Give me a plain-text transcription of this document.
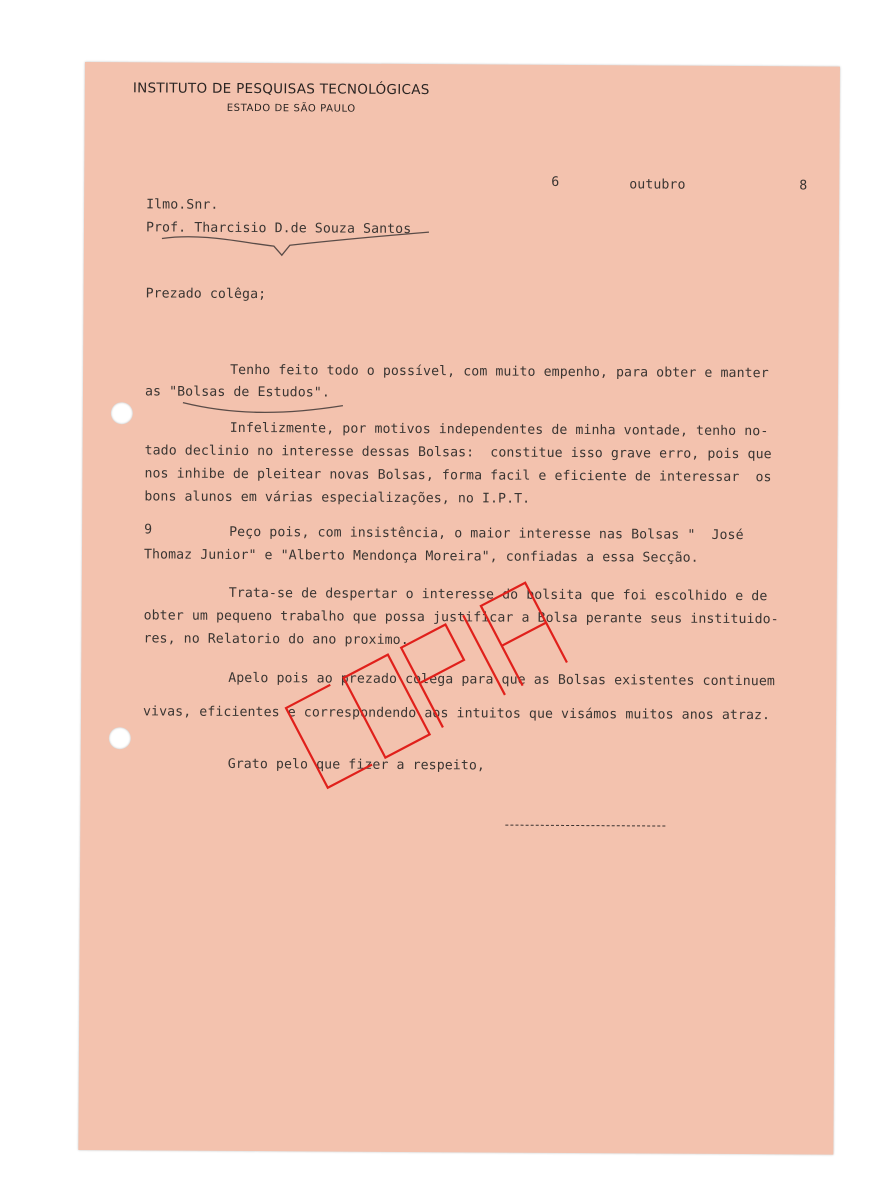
INSTITUTO DE PESQUISAS TECNOLÓGICAS
ESTADO DE SÃO PAULO
6	outubro	8
Ilmo.Snr.
Prof. Tharcisio D.de Souza Santos
Prezado colêga;
Tenho feito todo o possível, com muito empenho, para obter e manter
as "Bolsas de Estudos".
Infelizmente, por motivos independentes de minha vontade, tenho no-
tado declinio no interesse dessas Bolsas:  constitue isso grave erro, pois que
nos inhibe de pleitear novas Bolsas, forma facil e eficiente de interessar  os
bons alunos em várias especializações, no I.P.T.
9	Peço pois, com insistência, o maior interesse nas Bolsas "  José
Thomaz Junior" e "Alberto Mendonça Moreira", confiadas a essa Secção.
Trata-se de despertar o interesse do bolsita que foi escolhido e de
obter um pequeno trabalho que possa justificar a Bolsa perante seus instituido-
res, no Relatorio do ano proximo.
Apelo pois ao prezado colega para que as Bolsas existentes continuem
vivas, eficientes e correspondendo aos intuitos que visámos muitos anos atraz.
Grato pelo que fizer a respeito,
